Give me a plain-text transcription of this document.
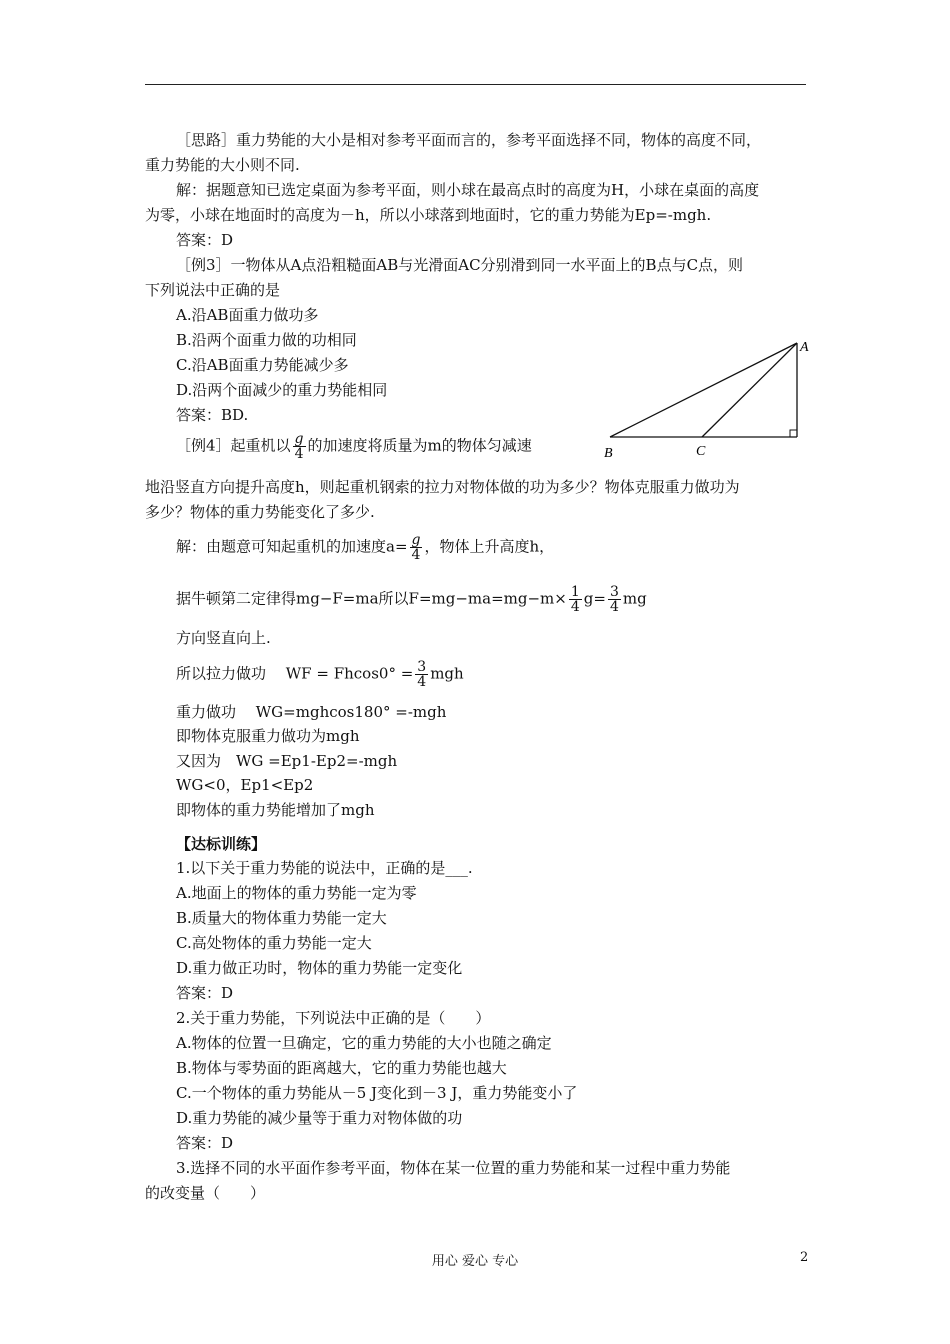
［思路］重力势能的大小是相对参考平面而言的，参考平面选择不同，物体的高度不同，
重力势能的大小则不同.
解：据题意知已选定桌面为参考平面，则小球在最高点时的高度为H，小球在桌面的高度
为零，小球在地面时的高度为－h，所以小球落到地面时，它的重力势能为Ep=-mgh.
答案：D
［例3］一物体从A点沿粗糙面AB与光滑面AC分别滑到同一水平面上的B点与C点，则
下列说法中正确的是
A.沿AB面重力做功多
B.沿两个面重力做的功相同
C.沿AB面重力势能减少多
D.沿两个面减少的重力势能相同
答案：BD.
A
B	C
［例4］起重机以 $\frac{g}{4}$ 的加速度将质量为m的物体匀减速
地沿竖直方向提升高度h，则起重机钢索的拉力对物体做的功为多少？物体克服重力做功为
多少？物体的重力势能变化了多少.
解：由题意可知起重机的加速度$a= \frac{g}{4}$ ，物体上升高度h，
据牛顿第二定律得mg−F=ma所以$F=mg-ma=mg-m\times \frac{1}{4} g= \frac{3}{4}$ mg
方向竖直向上.
所以拉力做功　 WF = $Fhcos0^\circ = \frac{3}{4}$ mgh
重力做功　 WG=mghcos180° =-mgh
即物体克服重力做功为mgh
又因为　WG =Ep1-Ep2=-mgh
WG<0，Ep1<Ep2
即物体的重力势能增加了mgh
【达标训练】
1.以下关于重力势能的说法中，正确的是___.
A.地面上的物体的重力势能一定为零
B.质量大的物体重力势能一定大
C.高处物体的重力势能一定大
D.重力做正功时，物体的重力势能一定变化
答案：D
2.关于重力势能，下列说法中正确的是（　　）
A.物体的位置一旦确定，它的重力势能的大小也随之确定
B.物体与零势面的距离越大，它的重力势能也越大
C.一个物体的重力势能从－5 J变化到－3 J，重力势能变小了
D.重力势能的减少量等于重力对物体做的功
答案：D
3.选择不同的水平面作参考平面，物体在某一位置的重力势能和某一过程中重力势能
的改变量（　　）
用心 爱心 专心	2
